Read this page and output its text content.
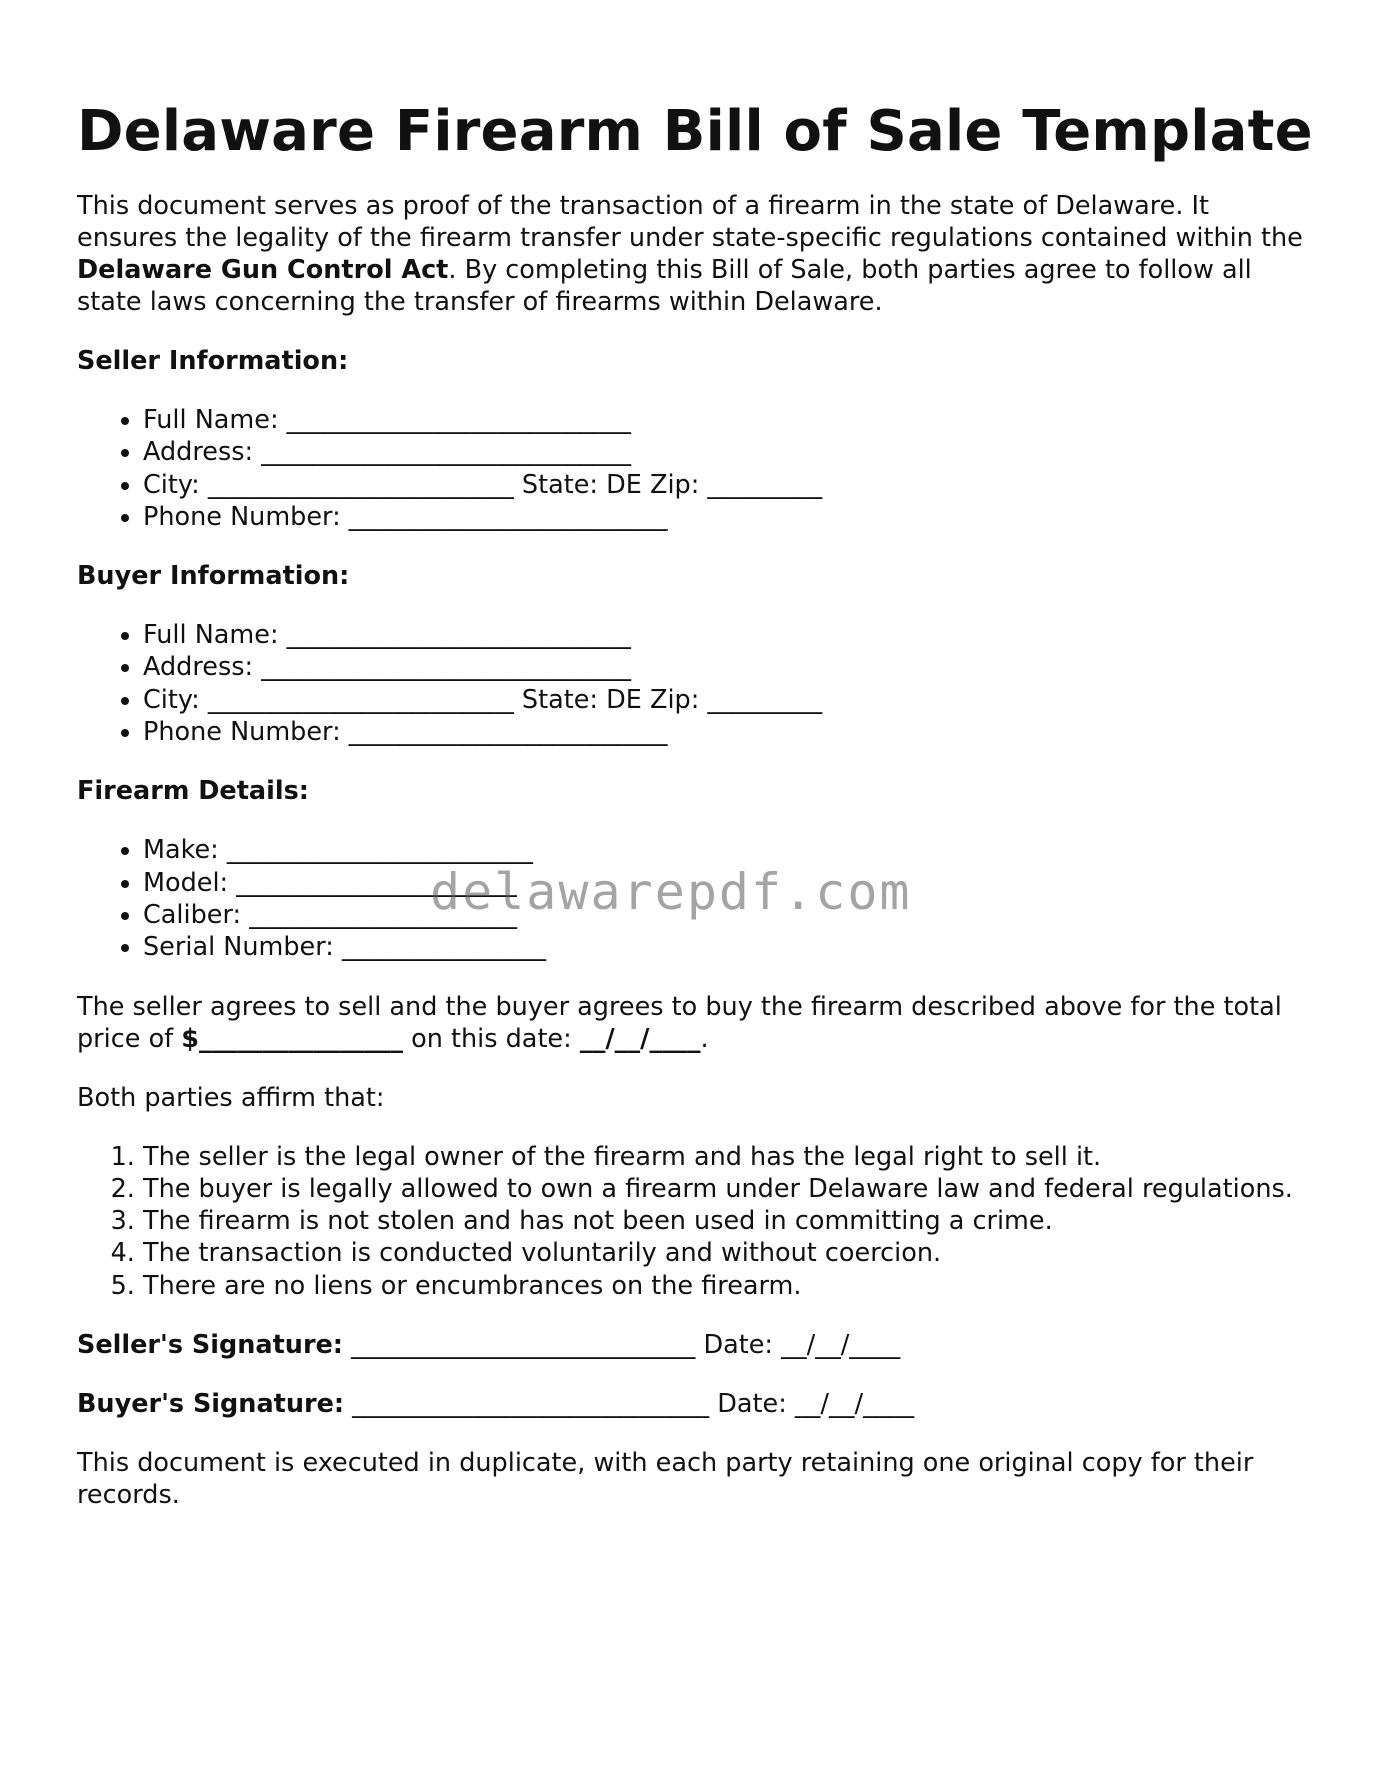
Delaware Firearm Bill of Sale Template

This document serves as proof of the transaction of a firearm in the state of Delaware. It ensures the legality of the firearm transfer under state-specific regulations contained within the Delaware Gun Control Act. By completing this Bill of Sale, both parties agree to follow all state laws concerning the transfer of firearms within Delaware.

Seller Information:

• Full Name: ___________________________
• Address: _____________________________
• City: ________________________ State: DE Zip: _________
• Phone Number: _________________________

Buyer Information:

• Full Name: ___________________________
• Address: _____________________________
• City: ________________________ State: DE Zip: _________
• Phone Number: _________________________

Firearm Details:

• Make: ________________________
• Model: ______________________
• Caliber: _____________________
• Serial Number: ________________

The seller agrees to sell and the buyer agrees to buy the firearm described above for the total price of $________________ on this date: __/__/____.

Both parties affirm that:

1. The seller is the legal owner of the firearm and has the legal right to sell it.
2. The buyer is legally allowed to own a firearm under Delaware law and federal regulations.
3. The firearm is not stolen and has not been used in committing a crime.
4. The transaction is conducted voluntarily and without coercion.
5. There are no liens or encumbrances on the firearm.

Seller's Signature: ___________________________ Date: __/__/____

Buyer's Signature: ____________________________ Date: __/__/____

This document is executed in duplicate, with each party retaining one original copy for their records.

delawarepdf.com
